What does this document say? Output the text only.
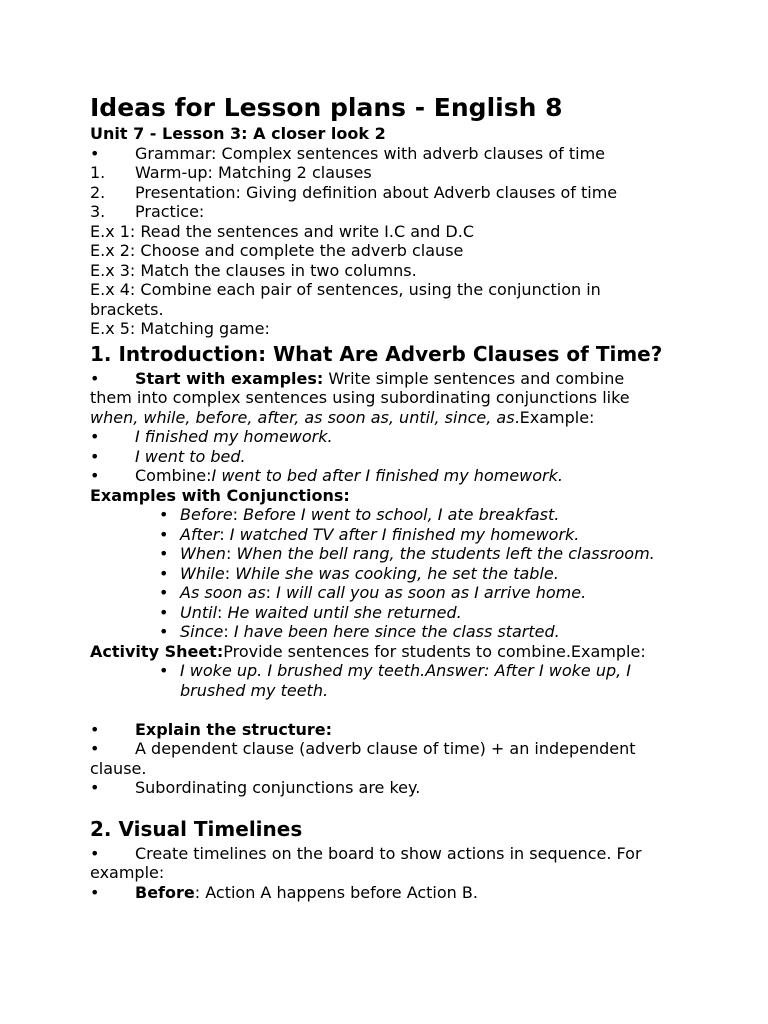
Ideas for Lesson plans - English 8
Unit 7 - Lesson 3: A closer look 2
•	Grammar: Complex sentences with adverb clauses of time
1.	Warm-up: Matching 2 clauses
2.	Presentation: Giving definition about Adverb clauses of time
3.	Practice:
E.x 1: Read the sentences and write I.C and D.C
E.x 2: Choose and complete the adverb clause
E.x 3: Match the clauses in two columns.
E.x 4: Combine each pair of sentences, using the conjunction in brackets.
E.x 5: Matching game:
1. Introduction: What Are Adverb Clauses of Time?
• Start with examples: Write simple sentences and combine them into complex sentences using subordinating conjunctions like when, while, before, after, as soon as, until, since, as.Example:
•	I finished my homework.
•	I went to bed.
•	Combine: I went to bed after I finished my homework.
Examples with Conjunctions:
• Before : Before I went to school, I ate breakfast.
• After : I watched TV after I finished my homework.
• When : When the bell rang, the students left the classroom.
• While : While she was cooking, he set the table.
• As soon as : I will call you as soon as I arrive home.
• Until : He waited until she returned.
• Since : I have been here since the class started.
Activity Sheet:Provide sentences for students to combine.Example:
• I woke up. I brushed my teeth.Answer: After I woke up, I brushed my teeth.
•	Explain the structure:
• A dependent clause (adverb clause of time) + an independent clause.
•	Subordinating conjunctions are key.
2. Visual Timelines
• Create timelines on the board to show actions in sequence. For example:
•	Before : Action A happens before Action B.
